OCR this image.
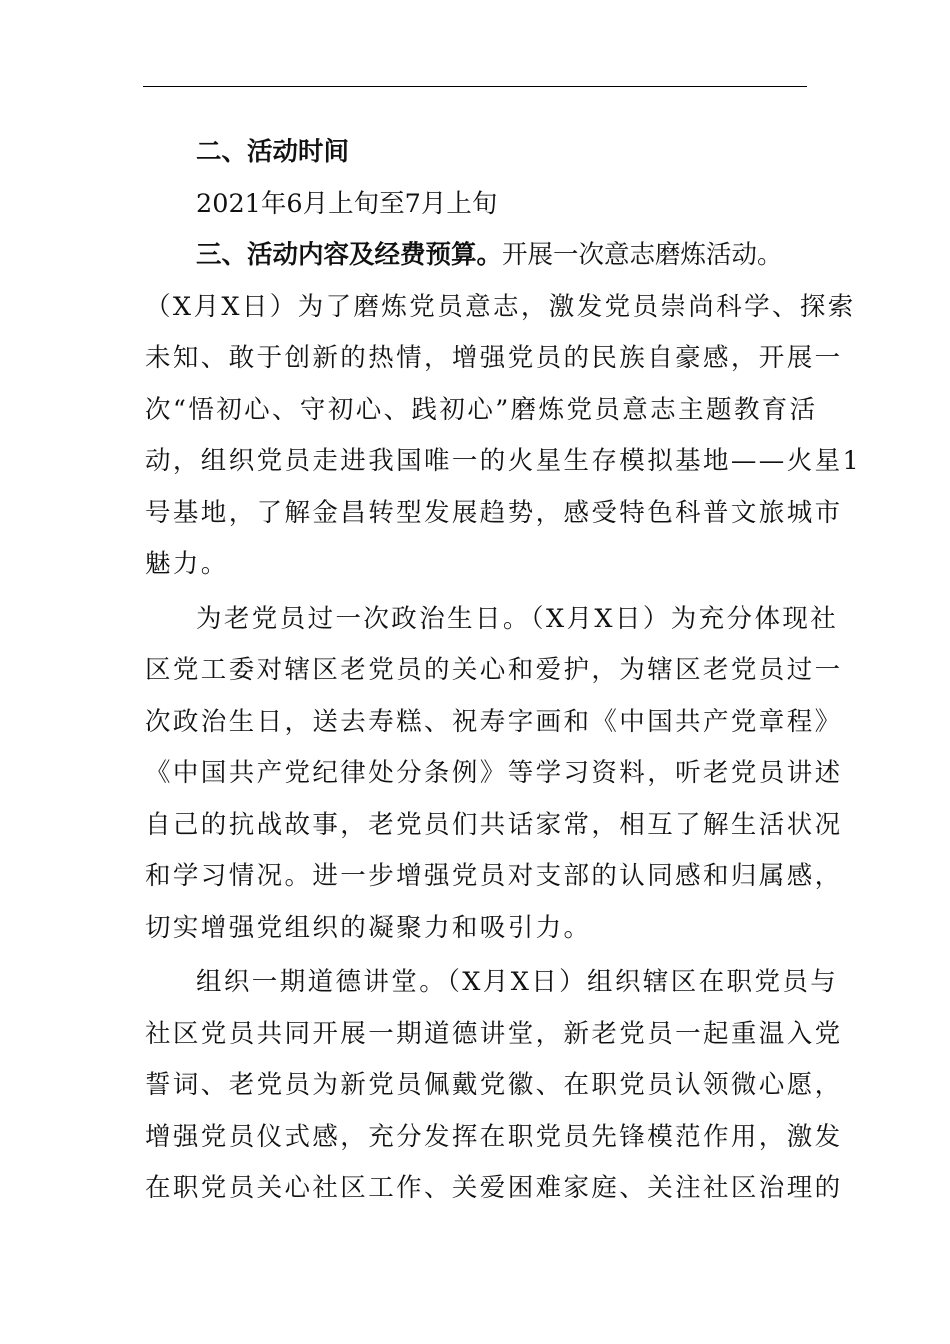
二、活动时间
2021年6月上旬至7月上旬
三、活动内容及经费预算。开展一次意志磨炼活动。
（X月X日）为了磨炼党员意志，激发党员崇尚科学、探索
未知、敢于创新的热情，增强党员的民族自豪感，开展一
次“悟初心、守初心、践初心”磨炼党员意志主题教育活
动，组织党员走进我国唯一的火星生存模拟基地——火星1
号基地，了解金昌转型发展趋势，感受特色科普文旅城市
魅力。
为老党员过一次政治生日。（X月X日）为充分体现社
区党工委对辖区老党员的关心和爱护，为辖区老党员过一
次政治生日，送去寿糕、祝寿字画和《中国共产党章程》
《中国共产党纪律处分条例》等学习资料，听老党员讲述
自己的抗战故事，老党员们共话家常，相互了解生活状况
和学习情况。进一步增强党员对支部的认同感和归属感，
切实增强党组织的凝聚力和吸引力。
组织一期道德讲堂。（X月X日）组织辖区在职党员与
社区党员共同开展一期道德讲堂，新老党员一起重温入党
誓词、老党员为新党员佩戴党徽、在职党员认领微心愿，
增强党员仪式感，充分发挥在职党员先锋模范作用，激发
在职党员关心社区工作、关爱困难家庭、关注社区治理的
